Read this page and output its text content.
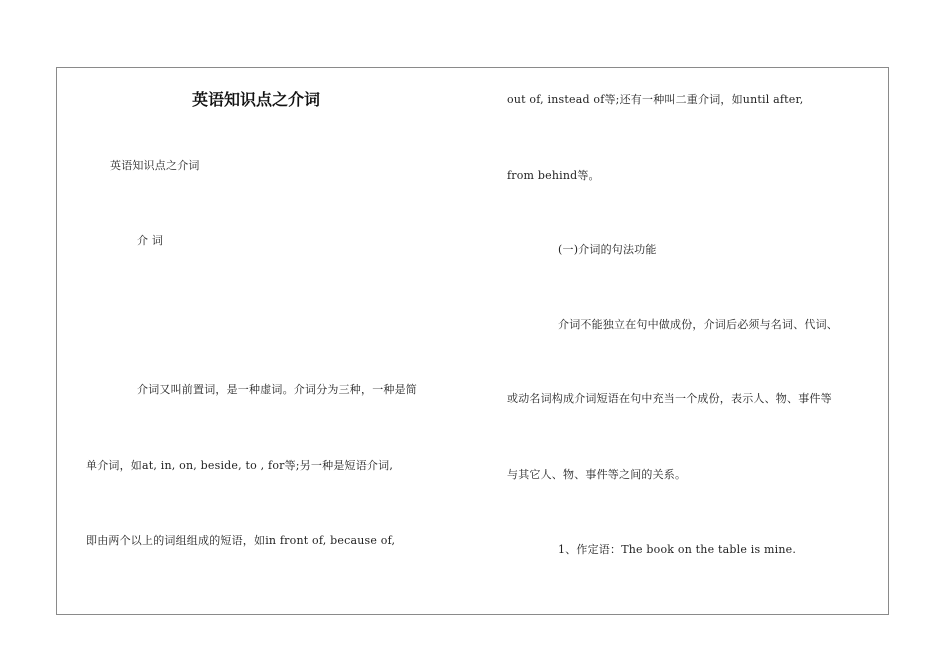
英语知识点之介词
英语知识点之介词
介 词
介词又叫前置词，是一种虚词。介词分为三种，一种是简
单介词，如at, in, on, beside, to , for等;另一种是短语介词,
即由两个以上的词组组成的短语，如in front of, because of,
out of, instead of等;还有一种叫二重介词，如until after,
from behind等。
(一)介词的句法功能
介词不能独立在句中做成份，介词后必须与名词、代词、
或动名词构成介词短语在句中充当一个成份，表示人、物、事件等
与其它人、物、事件等之间的关系。
1、作定语：The book on the table is mine.
